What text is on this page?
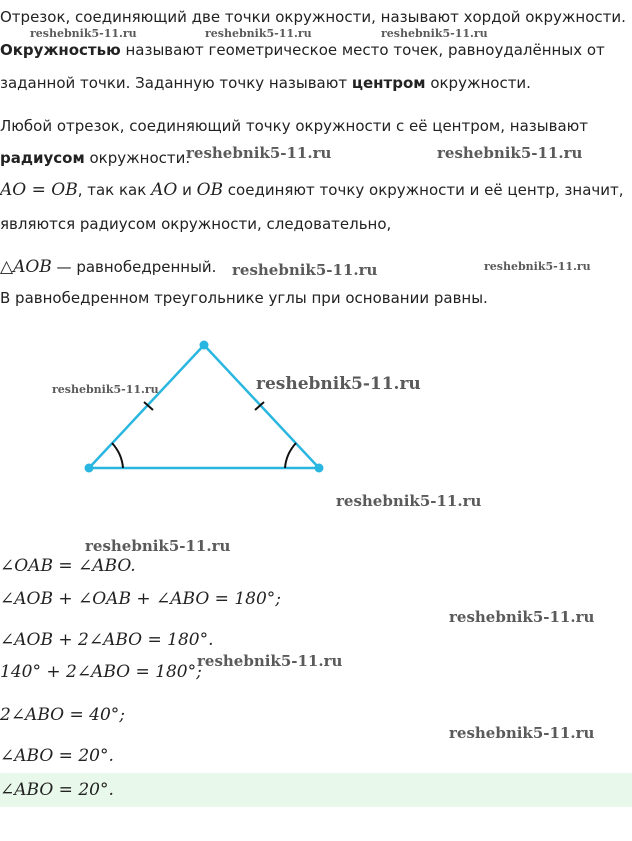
Отрезок, соединяющий две точки окружности, называют хордой окружности.
Окружностью называют геометрическое место точек, равноудалённых от
заданной точки. Заданную точку называют центром окружности.
Любой отрезок, соединяющий точку окружности с её центром, называют
радиусом окружности.
AO = OB, так как AO и OB соединяют точку окружности и её центр, значит,
являются радиусом окружности, следовательно,
△AOB — равнобедренный.
В равнобедренном треугольнике углы при основании равны.
∠OAB = ∠ABO.
∠AOB + ∠OAB + ∠ABO = 180°;
∠AOB + 2∠ABO = 180°.
140° + 2∠ABO = 180°;
2∠ABO = 40°;
∠ABO = 20°.
∠ABO = 20°.
reshebnik5-11.ru	reshebnik5-11.ru	reshebnik5-11.ru
reshebnik5-11.ru	reshebnik5-11.ru
reshebnik5-11.ru	reshebnik5-11.ru
reshebnik5-11.ru	reshebnik5-11.ru
reshebnik5-11.ru
reshebnik5-11.ru
reshebnik5-11.ru
reshebnik5-11.ru
reshebnik5-11.ru
